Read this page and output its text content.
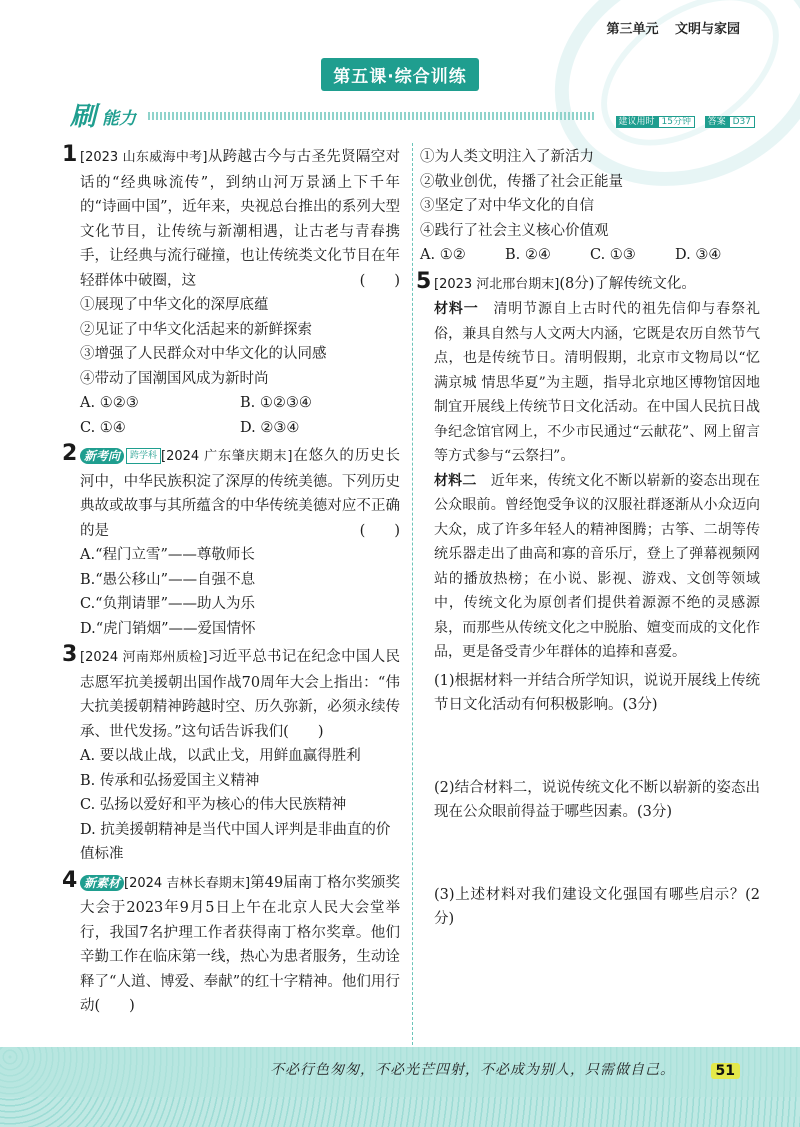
第三单元 文明与家园
第五课·综合训练
刷 能力	建议用时 15分钟	答案 D37
1 [2023 山东威海中考]从跨越古今与古圣先贤隔空对话的“经典咏流传”，到纳山河万景涵上下千年的“诗画中国”，近年来，央视总台推出的系列大型文化节目，让传统与新潮相遇，让古老与青春携手，让经典与流行碰撞，也让传统类文化节目在年轻群体中破圈，这	(　　)
①展现了中华文化的深厚底蕴
②见证了中华文化活起来的新鲜探索
③增强了人民群众对中华文化的认同感
④带动了国潮国风成为新时尚
A. ①②③	B. ①②③④
C. ①④	D. ②③④
2 新考向 跨学科 [2024 广东肇庆期末]在悠久的历史长河中，中华民族积淀了深厚的传统美德。下列历史典故或故事与其所蕴含的中华传统美德对应不正确的是	(　　)
A.“程门立雪”——尊敬师长
B.“愚公移山”——自强不息
C.“负荆请罪”——助人为乐
D.“虎门销烟”——爱国情怀
3 [2024 河南郑州质检]习近平总书记在纪念中国人民志愿军抗美援朝出国作战70周年大会上指出：“伟大抗美援朝精神跨越时空、历久弥新，必须永续传承、世代发扬。”这句话告诉我们(　　)
A. 要以战止战，以武止戈，用鲜血赢得胜利
B. 传承和弘扬爱国主义精神
C. 弘扬以爱好和平为核心的伟大民族精神
D. 抗美援朝精神是当代中国人评判是非曲直的价值标准
4 新素材 [2024 吉林长春期末]第49届南丁格尔奖颁奖大会于2023年9月5日上午在北京人民大会堂举行，我国7名护理工作者获得南丁格尔奖章。他们辛勤工作在临床第一线，热心为患者服务，生动诠释了“人道、博爱、奉献”的红十字精神。他们用行动(　　)
①为人类文明注入了新活力
②敬业创优，传播了社会正能量
③坚定了对中华文化的自信
④践行了社会主义核心价值观
A. ①②	B. ②④	C. ①③	D. ③④
5 [2023 河北邢台期末](8分)了解传统文化。
材料一　 清明节源自上古时代的祖先信仰与春祭礼俗，兼具自然与人文两大内涵，它既是农历自然节气点，也是传统节日。清明假期，北京市文物局以“忆满京城 情思华夏”为主题，指导北京地区博物馆因地制宜开展线上传统节日文化活动。在中国人民抗日战争纪念馆官网上，不少市民通过“云献花”、网上留言等方式参与“云祭扫”。
材料二　 近年来，传统文化不断以崭新的姿态出现在公众眼前。曾经饱受争议的汉服社群逐渐从小众迈向大众，成了许多年轻人的精神图腾；古筝、二胡等传统乐器走出了曲高和寡的音乐厅，登上了弹幕视频网站的播放热榜；在小说、影视、游戏、文创等领域中，传统文化为原创者们提供着源源不绝的灵感源泉，而那些从传统文化之中脱胎、嬗变而成的文化作品，更是备受青少年群体的追捧和喜爱。
(1)根据材料一并结合所学知识，说说开展线上传统节日文化活动有何积极影响。(3分)
(2)结合材料二，说说传统文化不断以崭新的姿态出现在公众眼前得益于哪些因素。(3分)
(3)上述材料对我们建设文化强国有哪些启示？(2分)
不必行色匆匆，不必光芒四射，不必成为别人，只需做自己。	51
